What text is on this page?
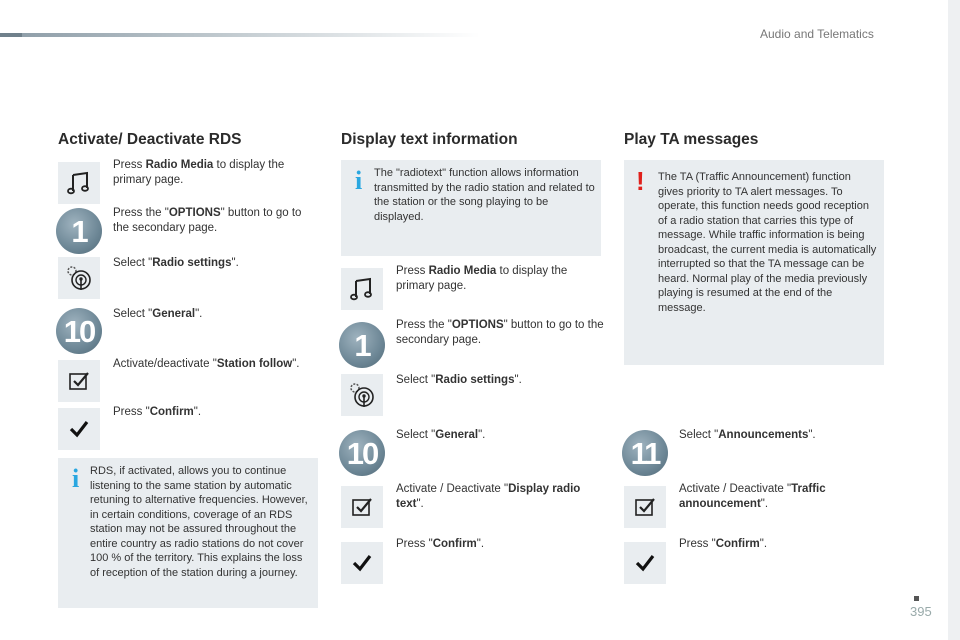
Audio and Telematics
Activate/ Deactivate RDS
Press Radio Media to display the primary page.
1
Press the "OPTIONS" button to go to the secondary page.
Select "Radio settings".
10	Select "General".
Activate/deactivate "Station follow".
Press "Confirm".
i RDS, if activated, allows you to continue listening to the same station by automatic retuning to alternative frequencies. However, in certain conditions, coverage of an RDS station may not be assured throughout the entire country as radio stations do not cover 100 % of the territory. This explains the loss of reception of the station during a journey.
Display text information
i The "radiotext" function allows information transmitted by the radio station and related to the station or the song playing to be displayed.
Press Radio Media to display the primary page.
1
Press the "OPTIONS" button to go to the secondary page.
Select "Radio settings".
10
Select "General".
Activate / Deactivate "Display radio text".
Press "Confirm".
Play TA messages
! The TA (Traffic Announcement) function gives priority to TA alert messages. To operate, this function needs good reception of a radio station that carries this type of message. While traffic information is being broadcast, the current media is automatically interrupted so that the TA message can be heard. Normal play of the media previously playing is resumed at the end of the message.
11
Select "Announcements".
Activate / Deactivate "Traffic announcement".
Press "Confirm".
395
